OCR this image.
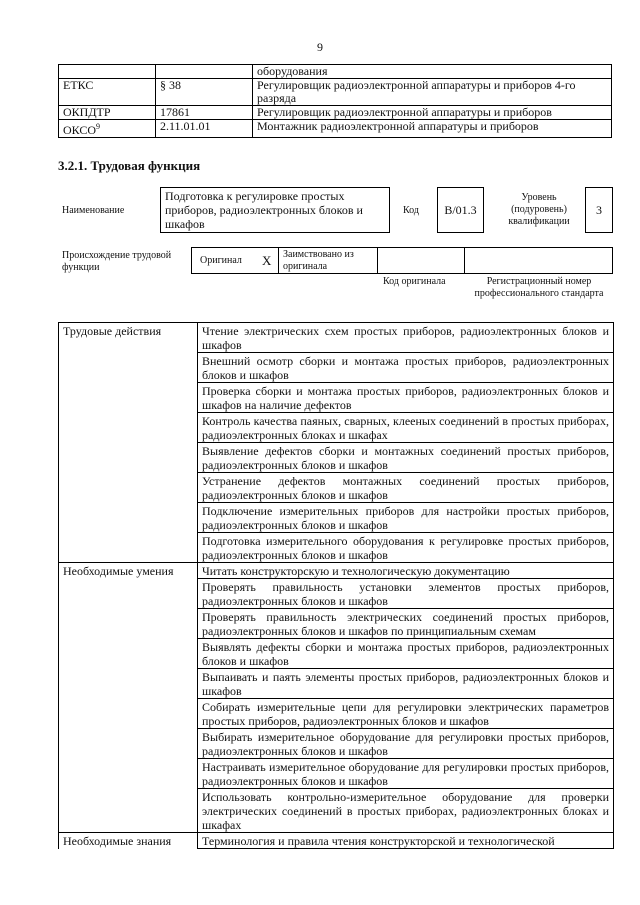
9
		оборудования
ЕТКС	§ 38	Регулировщик радиоэлектронной аппаратуры и приборов 4-го разряда
ОКПДТР	17861	Регулировщик радиоэлектронной аппаратуры и приборов
ОКСО$^9$	2.11.01.01	Монтажник радиоэлектронной аппаратуры и приборов
3.2.1. Трудовая функция
Наименование
Подготовка к регулировке простых приборов, радиоэлектронных блоков и шкафов
Код	B/01.3
Уровень (подуровень) квалификации
3
Происхождение трудовой функции
Оригинал X Заимствовано из оригинала
Код оригинала	Регистрационный номер профессионального стандарта
Трудовые действия	Чтение электрических схем простых приборов, радиоэлектронных блоков и шкафов
	Внешний осмотр сборки и монтажа простых приборов, радиоэлектронных блоков и шкафов
	Проверка сборки и монтажа простых приборов, радиоэлектронных блоков и шкафов на наличие дефектов
	Контроль качества паяных, сварных, клееных соединений в простых приборах, радиоэлектронных блоках и шкафах
	Выявление дефектов сборки и монтажных соединений простых приборов, радиоэлектронных блоков и шкафов
	Устранение дефектов монтажных соединений простых приборов, радиоэлектронных блоков и шкафов
	Подключение измерительных приборов для настройки простых приборов, радиоэлектронных блоков и шкафов
	Подготовка измерительного оборудования к регулировке простых приборов, радиоэлектронных блоков и шкафов
Необходимые умения	Читать конструкторскую и технологическую документацию
	Проверять правильность установки элементов простых приборов, радиоэлектронных блоков и шкафов
	Проверять правильность электрических соединений простых приборов, радиоэлектронных блоков и шкафов по принципиальным схемам
	Выявлять дефекты сборки и монтажа простых приборов, радиоэлектронных блоков и шкафов
	Выпаивать и паять элементы простых приборов, радиоэлектронных блоков и шкафов
	Собирать измерительные цепи для регулировки электрических параметров простых приборов, радиоэлектронных блоков и шкафов
	Выбирать измерительное оборудование для регулировки простых приборов, радиоэлектронных блоков и шкафов
	Настраивать измерительное оборудование для регулировки простых приборов, радиоэлектронных блоков и шкафов
	Использовать контрольно-измерительное оборудование для проверки электрических соединений в простых приборах, радиоэлектронных блоках и шкафах
Необходимые знания	Терминология и правила чтения конструкторской и технологической
